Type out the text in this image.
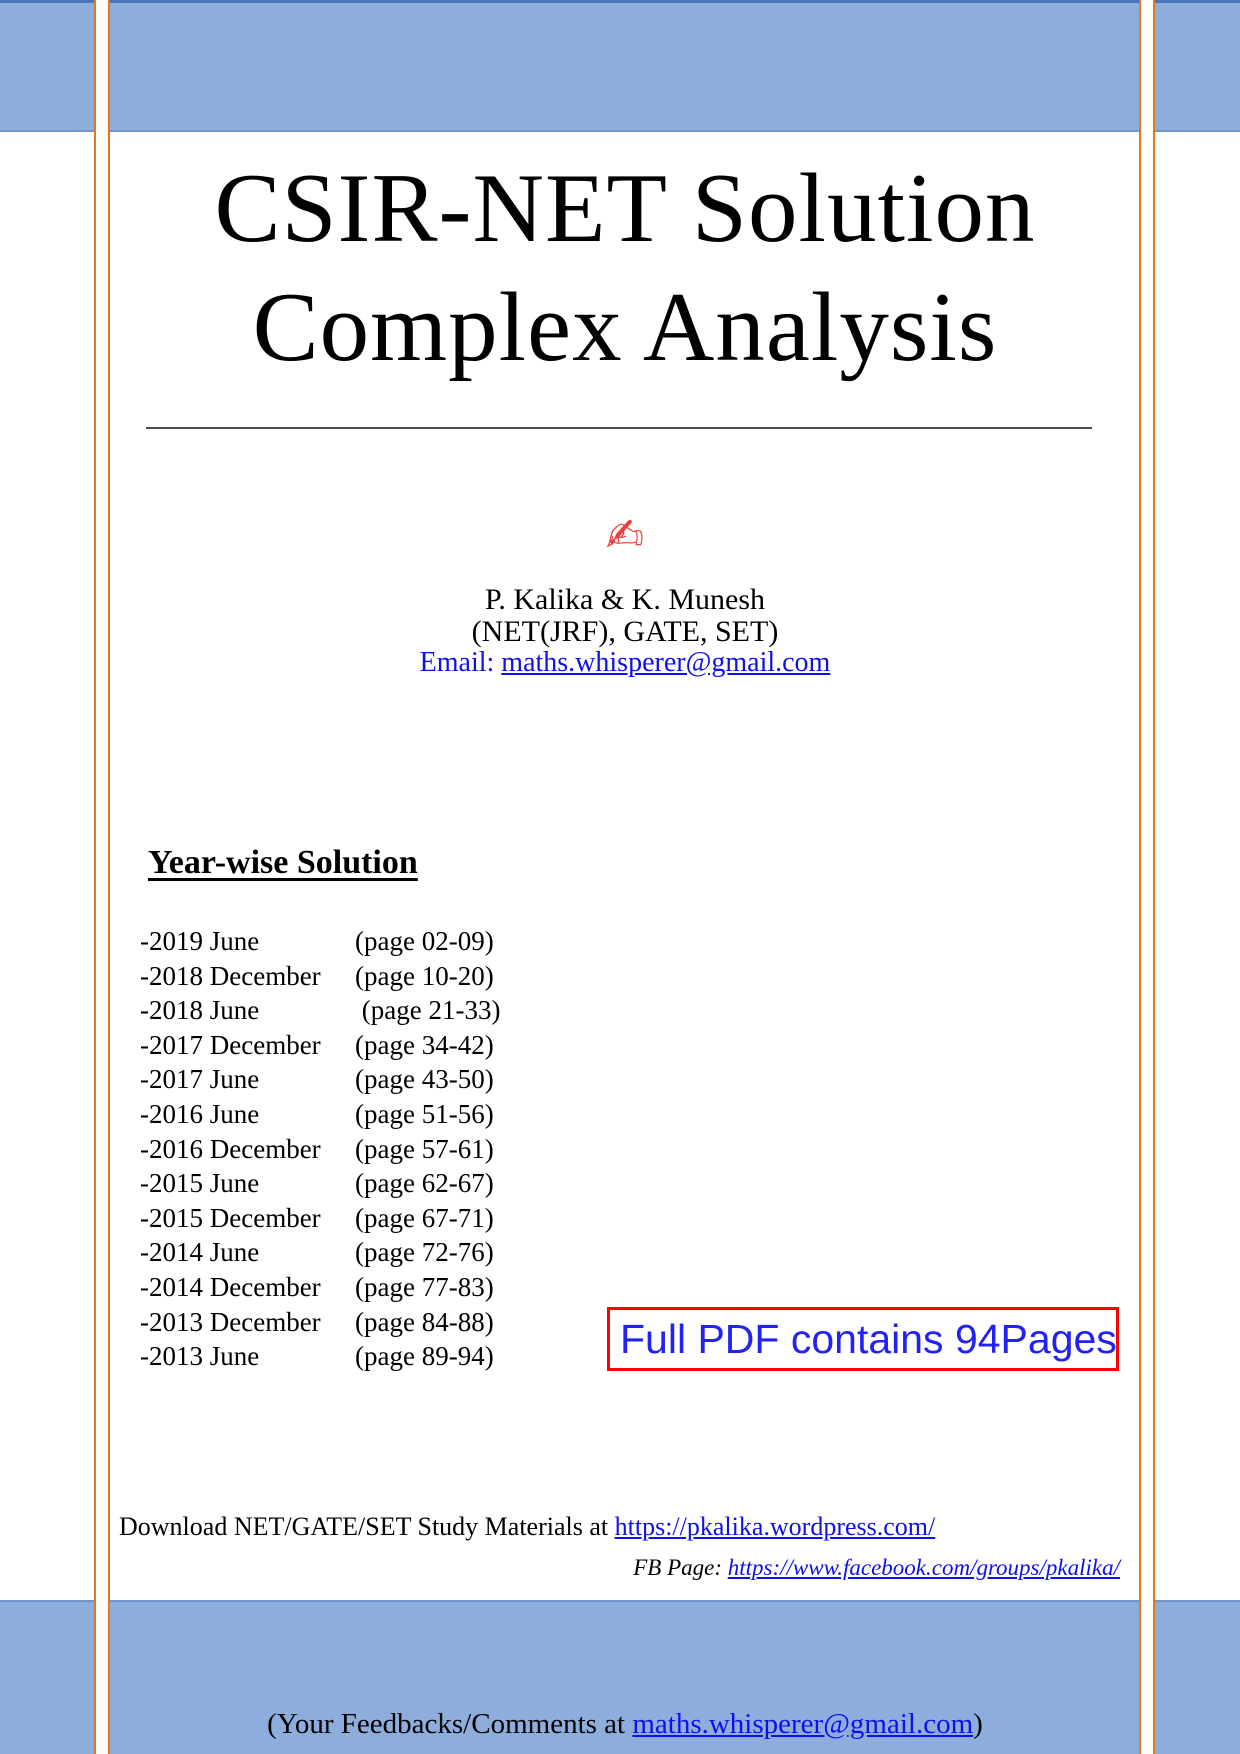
CSIR-NET Solution
Complex Analysis
✍
P. Kalika & K. Munesh
(NET(JRF), GATE, SET)
Email: maths.whisperer@gmail.com
Year-wise Solution
-2019 June	(page 02-09)
-2018 December (page 10-20)
-2018 June	(page 21-33)
-2017 December (page 34-42)
-2017 June	(page 43-50)
-2016 June	(page 51-56)
-2016 December (page 57-61)
-2015 June	(page 62-67)
-2015 December (page 67-71)
-2014 June	(page 72-76)
-2014 December (page 77-83)
-2013 December (page 84-88)
-2013 June	(page 89-94)	Full PDF contains 94Pages
Download NET/GATE/SET Study Materials at https://pkalika.wordpress.com/
FB Page: https://www.facebook.com/groups/pkalika/
(Your Feedbacks/Comments at maths.whisperer@gmail.com)
